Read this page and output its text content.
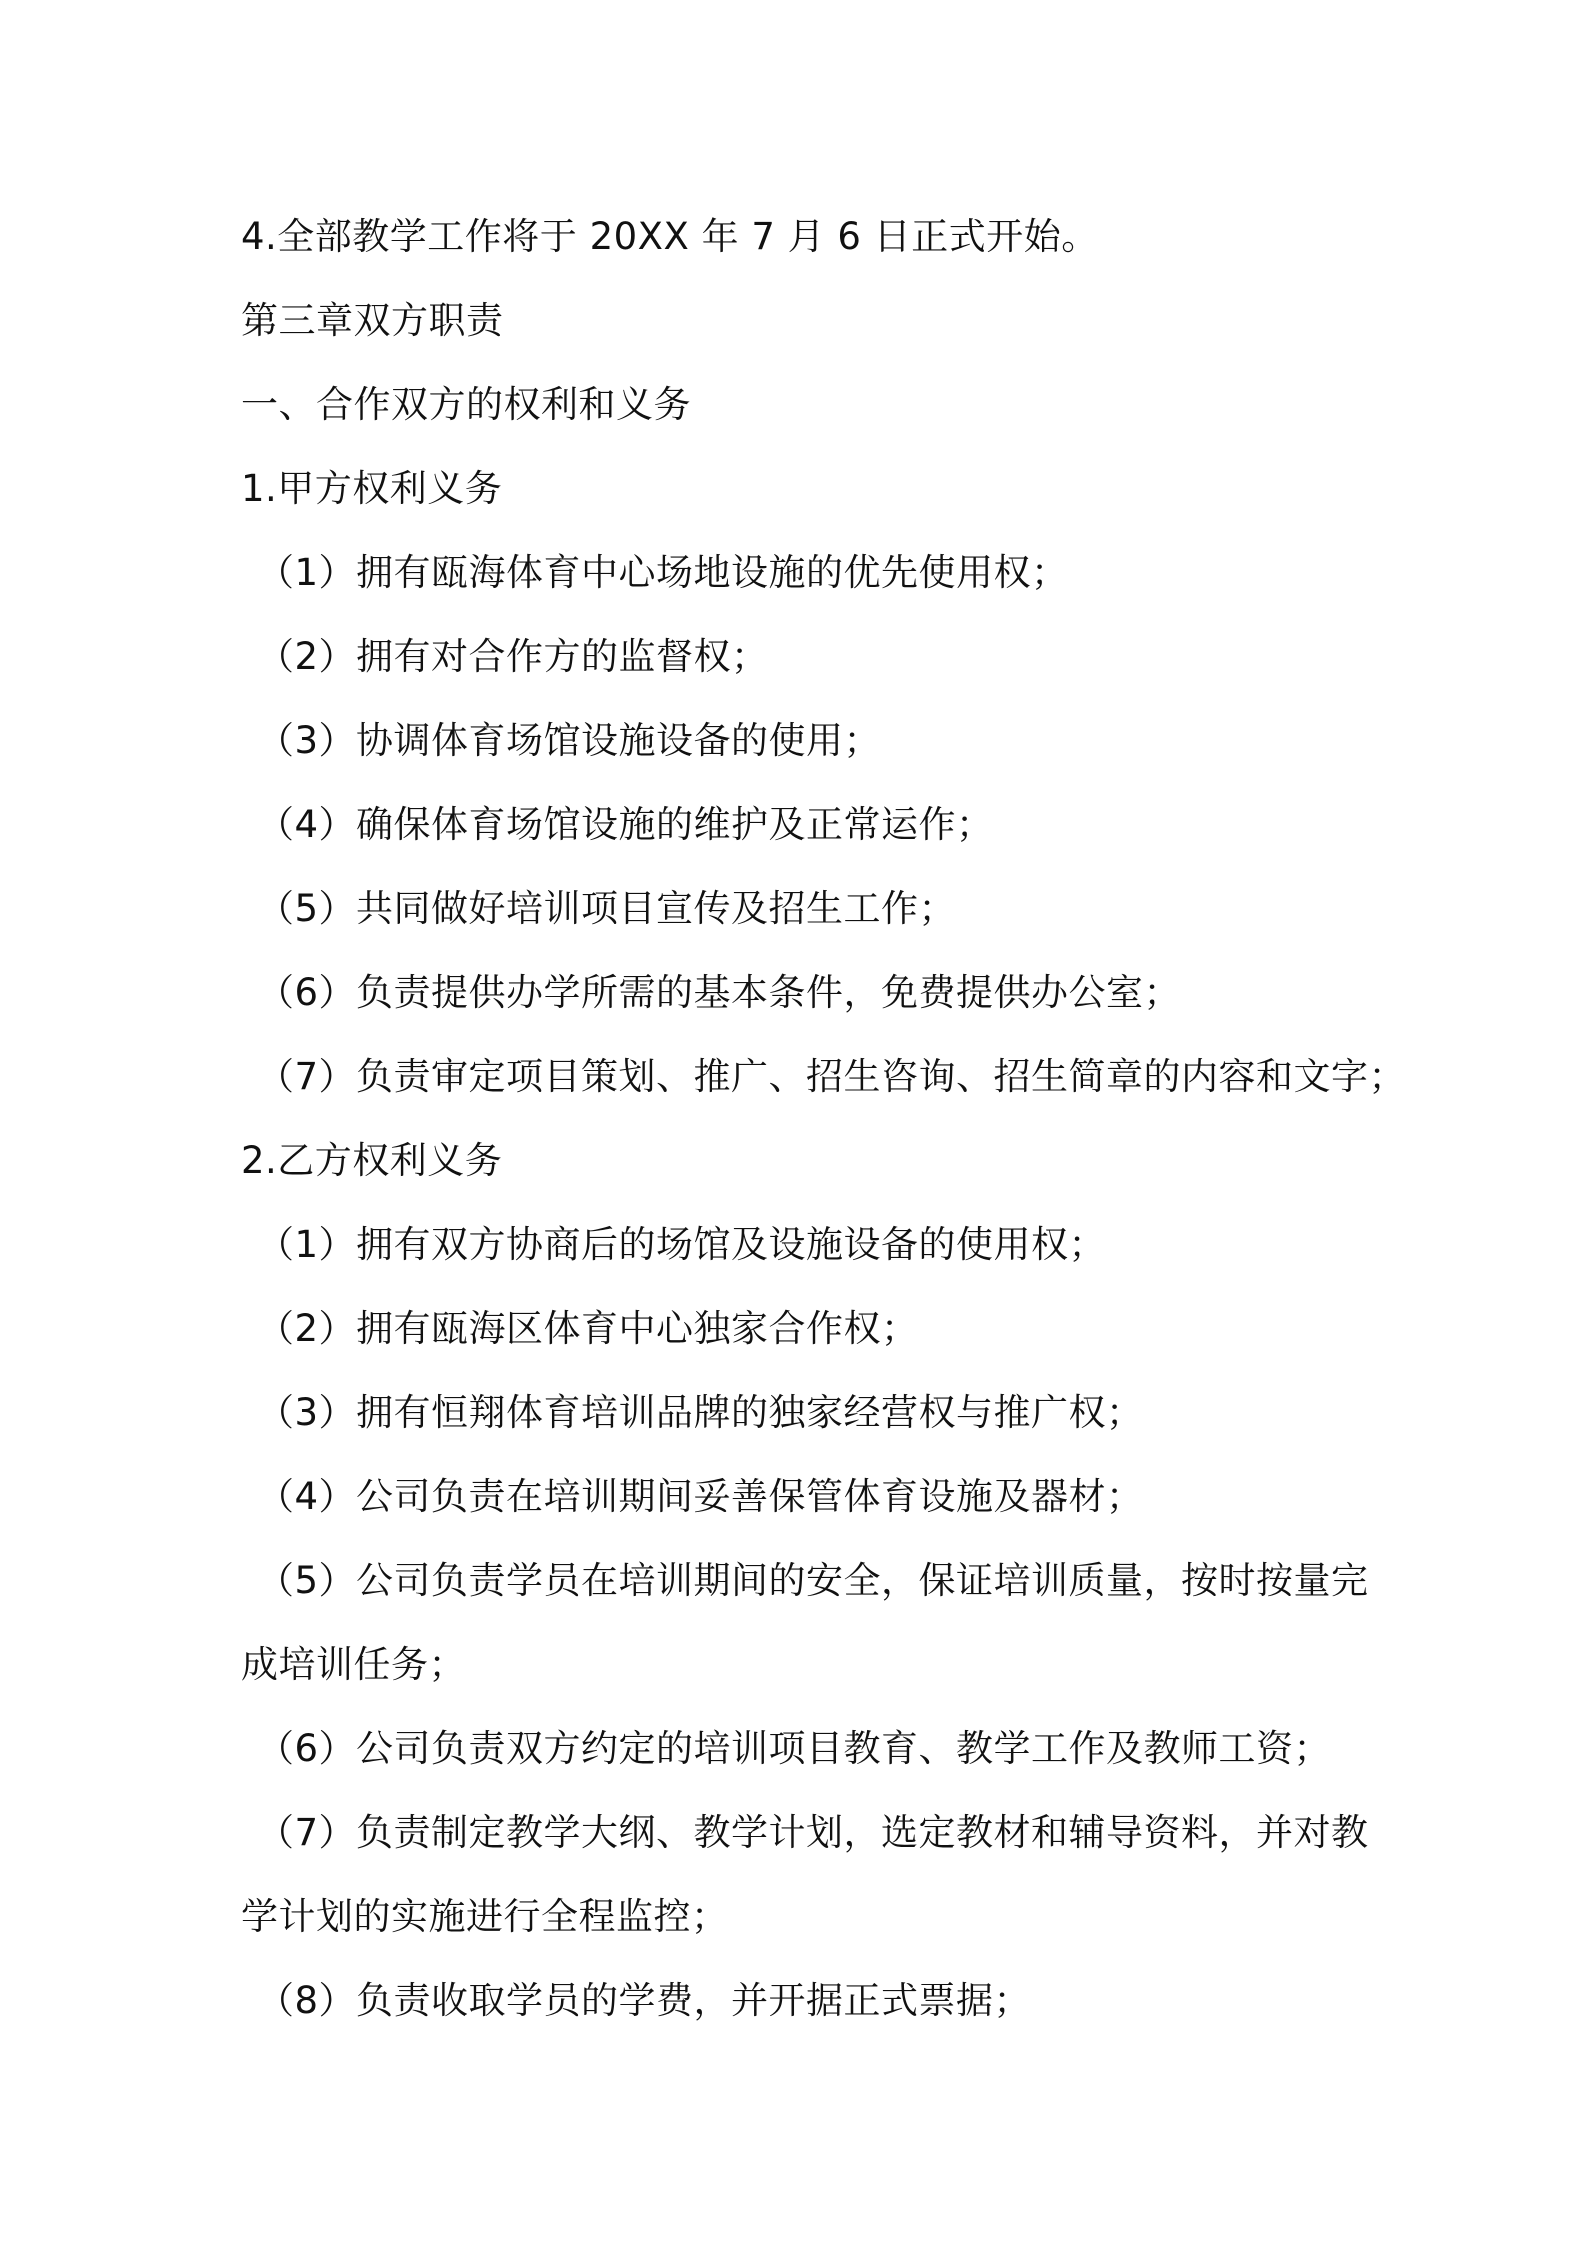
4.全部教学工作将于 20XX 年 7 月 6 日正式开始。

第三章双方职责

一、合作双方的权利和义务

1.甲方权利义务

（1）拥有瓯海体育中心场地设施的优先使用权；

（2）拥有对合作方的监督权；

（3）协调体育场馆设施设备的使用；

（4）确保体育场馆设施的维护及正常运作；

（5）共同做好培训项目宣传及招生工作；

（6）负责提供办学所需的基本条件，免费提供办公室；

（7）负责审定项目策划、推广、招生咨询、招生简章的内容和文字；

2.乙方权利义务

（1）拥有双方协商后的场馆及设施设备的使用权；

（2）拥有瓯海区体育中心独家合作权；

（3）拥有恒翔体育培训品牌的独家经营权与推广权；

（4）公司负责在培训期间妥善保管体育设施及器材；

（5）公司负责学员在培训期间的安全，保证培训质量，按时按量完

成培训任务；

（6）公司负责双方约定的培训项目教育、教学工作及教师工资；

（7）负责制定教学大纲、教学计划，选定教材和辅导资料，并对教

学计划的实施进行全程监控；

（8）负责收取学员的学费，并开据正式票据；
